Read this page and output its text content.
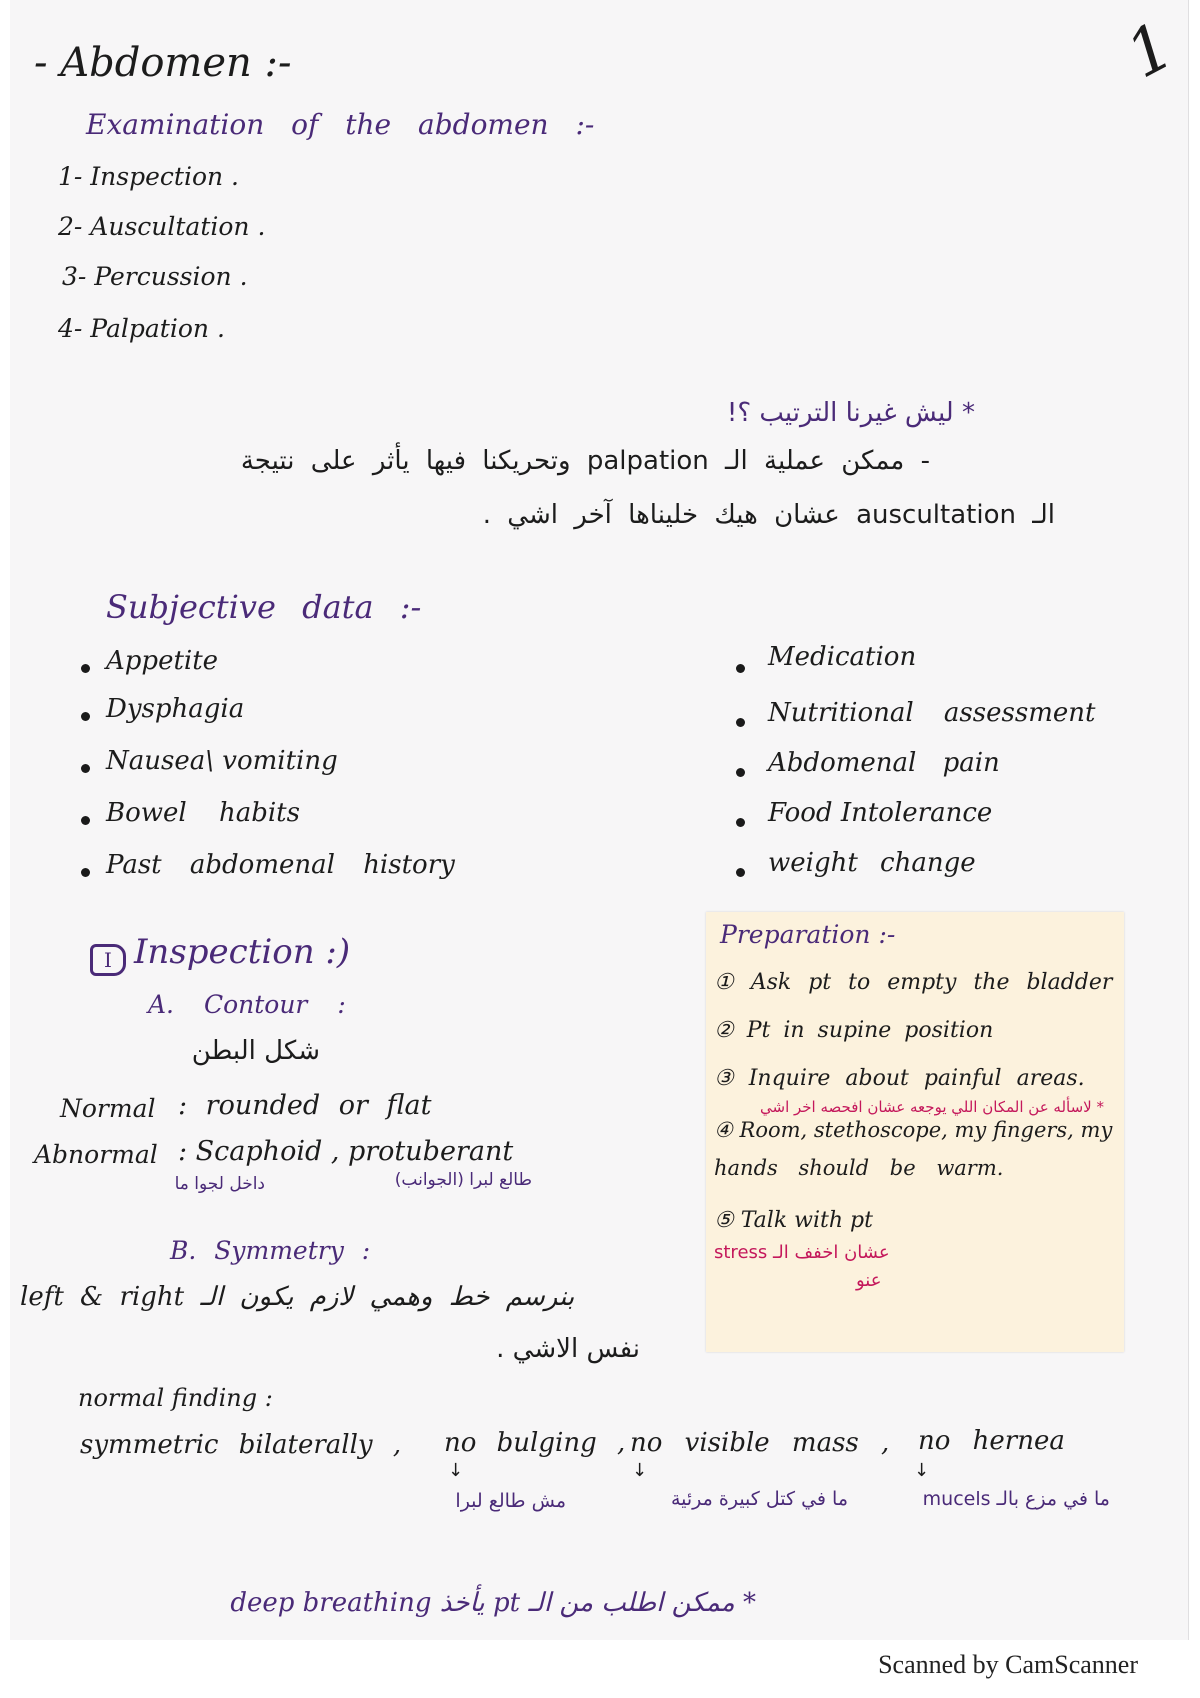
1
- Abdomen :-
Examination of the abdomen :-
1- Inspection .
2- Auscultation .
3- Percussion .
4- Palpation .
* ليش غيرنا الترتيب ؟!
- ممكن عملية الـ palpation وتحريكنا فيها يأثر على نتيجة
الـ auscultation عشان هيك خليناها آخر اشي .
Subjective data :-
Appetite
Dysphagia
Nausea\ vomiting
Bowel habits
Past abdomenal history
Medication
Nutritional assessment
Abdomenal pain
Food Intolerance
weight change
I Inspection :)
A. Contour :
شكل البطن
Normal : rounded or flat
Abnormal : Scaphoid , protuberant
داخل لجوا ما	طالع لبرا (الجوانب)
B. Symmetry :
left & right بنرسم خط وهمي لازم يكون الـ
نفس الاشي .
normal finding :
symmetric bilaterally , no bulging , no visible mass , no hernea
↓	↓	↓
مش طالع لبرا	ما في كتل كبيرة مرئية	ما في مزع بالـ mucels
* ممكن اطلب من الـ pt يأخذ deep breathing
Preparation :-
① Ask pt to empty the bladder
② Pt in supine position
③ Inquire about painful areas.
* لاسأله عن المكان اللي يوجعه عشان افحصه اخر اشي
④ Room, stethoscope, my fingers, my
hands should be warm.
⑤ Talk with pt
stress عشان اخفف الـ
عنو
Scanned by CamScanner
